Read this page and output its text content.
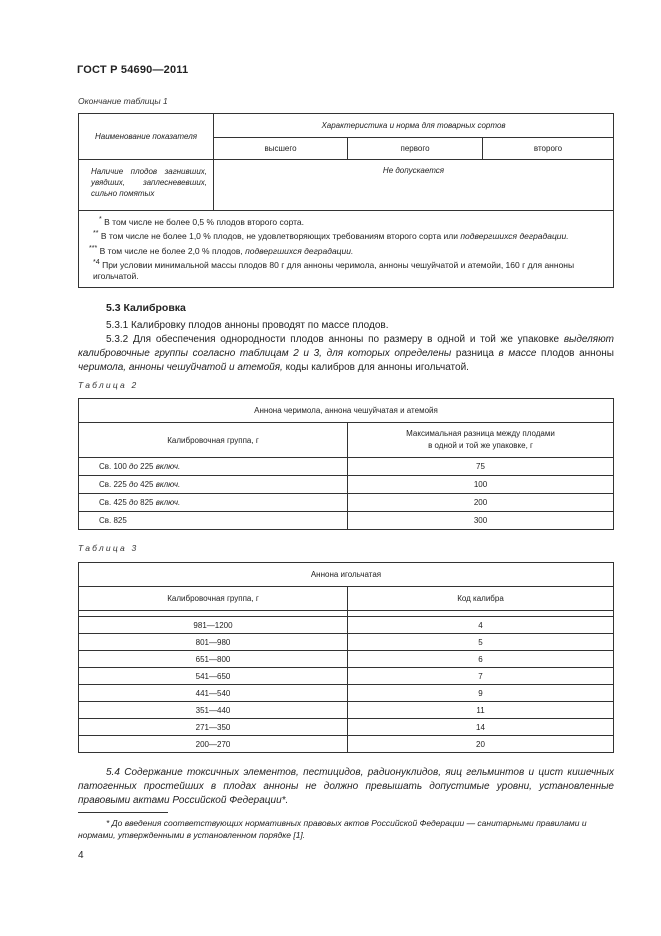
ГОСТ Р 54690—2011
Окончание таблицы 1
Наименование показателя	Характеристика и норма для товарных сортов		
	высшего	первого	второго
Наличие плодов загнивших, увядших, заплесневевших, сильно помятых	Не допускается		

* В том числе не более 0,5 % плодов второго сорта.
** В том числе не более 1,0 % плодов, не удовлетворяющих требованиям второго сорта или подвергшихся деградации.
*** В том числе не более 2,0 % плодов, подвергшихся деградации.
$^{*4}$ При условии минимальной массы плодов 80 г для анноны черимола, анноны чешуйчатой и атемойи, 160 г для анноны игольчатой.			
5.3 Калибровка
5.3.1 Калибровку плодов анноны проводят по массе плодов.
5.3.2 Для обеспечения однородности плодов анноны по размеру в одной и той же упаковке выделяют калибровочные группы согласно таблицам 2 и 3, для которых определены разница в массе плодов анноны черимола, анноны чешуйчатой и атемойя, коды калибров для анноны игольчатой.
Таблица 2
Аннона черимола, аннона чешуйчатая и атемойя	
Калибровочная группа, г	Максимальная разница между плодами
в одной и той же упаковке, г

Св. 100 до 225 включ.	75
Св. 225 до 425 включ.	100
Св. 425 до 825 включ.	200
Св. 825	300
Таблица 3
Аннона игольчатая	
Калибровочная группа, г	Код калибра

981—1200	4
801—980	5
651—800	6
541—650	7
441—540	9
351—440	11
271—350	14
200—270	20
5.4 Содержание токсичных элементов, пестицидов, радионуклидов, яиц гельминтов и цист кишечных патогенных простейших в плодах анноны не должно превышать допустимые уровни, установленные правовыми актами Российской Федерации*.
* До введения соответствующих нормативных правовых актов Российской Федерации — санитарными правилами и нормами, утвержденными в установленном порядке [1].
4
